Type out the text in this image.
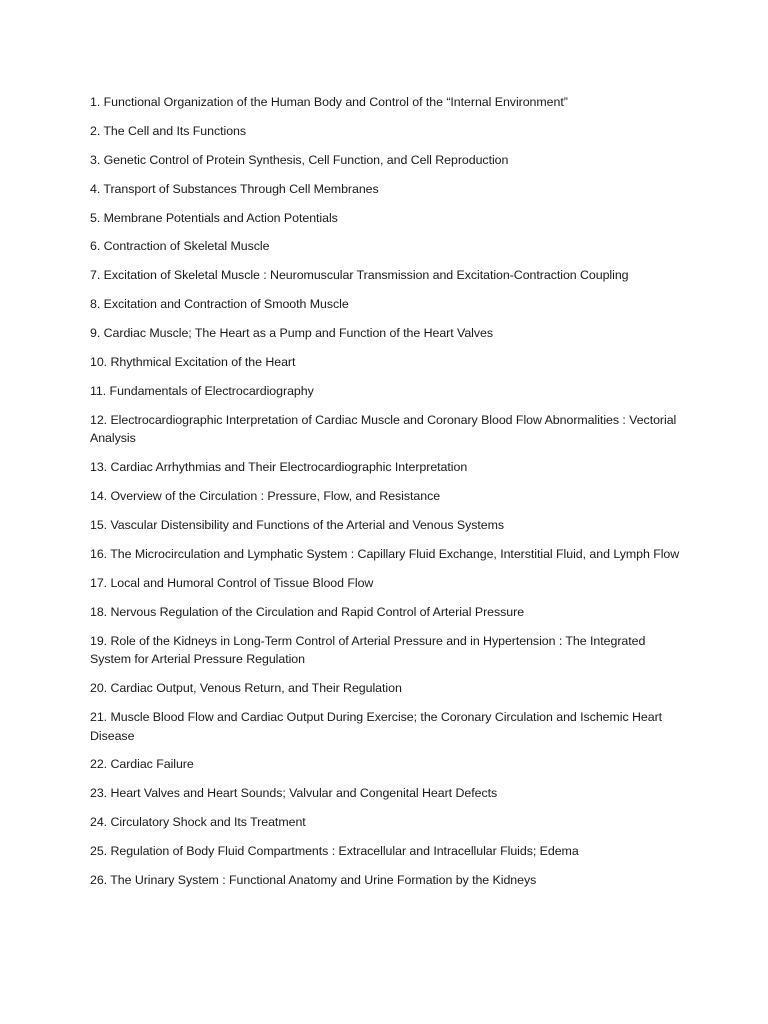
1. Functional Organization of the Human Body and Control of the “Internal Environment”
2. The Cell and Its Functions
3. Genetic Control of Protein Synthesis, Cell Function, and Cell Reproduction
4. Transport of Substances Through Cell Membranes
5. Membrane Potentials and Action Potentials
6. Contraction of Skeletal Muscle
7. Excitation of Skeletal Muscle : Neuromuscular Transmission and Excitation-Contraction Coupling
8. Excitation and Contraction of Smooth Muscle
9. Cardiac Muscle; The Heart as a Pump and Function of the Heart Valves
10. Rhythmical Excitation of the Heart
11. Fundamentals of Electrocardiography
12. Electrocardiographic Interpretation of Cardiac Muscle and Coronary Blood Flow Abnormalities : Vectorial Analysis
13. Cardiac Arrhythmias and Their Electrocardiographic Interpretation
14. Overview of the Circulation : Pressure, Flow, and Resistance
15. Vascular Distensibility and Functions of the Arterial and Venous Systems
16. The Microcirculation and Lymphatic System : Capillary Fluid Exchange, Interstitial Fluid, and Lymph Flow
17. Local and Humoral Control of Tissue Blood Flow
18. Nervous Regulation of the Circulation and Rapid Control of Arterial Pressure
19. Role of the Kidneys in Long-Term Control of Arterial Pressure and in Hypertension : The Integrated System for Arterial Pressure Regulation
20. Cardiac Output, Venous Return, and Their Regulation
21. Muscle Blood Flow and Cardiac Output During Exercise; the Coronary Circulation and Ischemic Heart Disease
22. Cardiac Failure
23. Heart Valves and Heart Sounds; Valvular and Congenital Heart Defects
24. Circulatory Shock and Its Treatment
25. Regulation of Body Fluid Compartments : Extracellular and Intracellular Fluids; Edema
26. The Urinary System : Functional Anatomy and Urine Formation by the Kidneys
